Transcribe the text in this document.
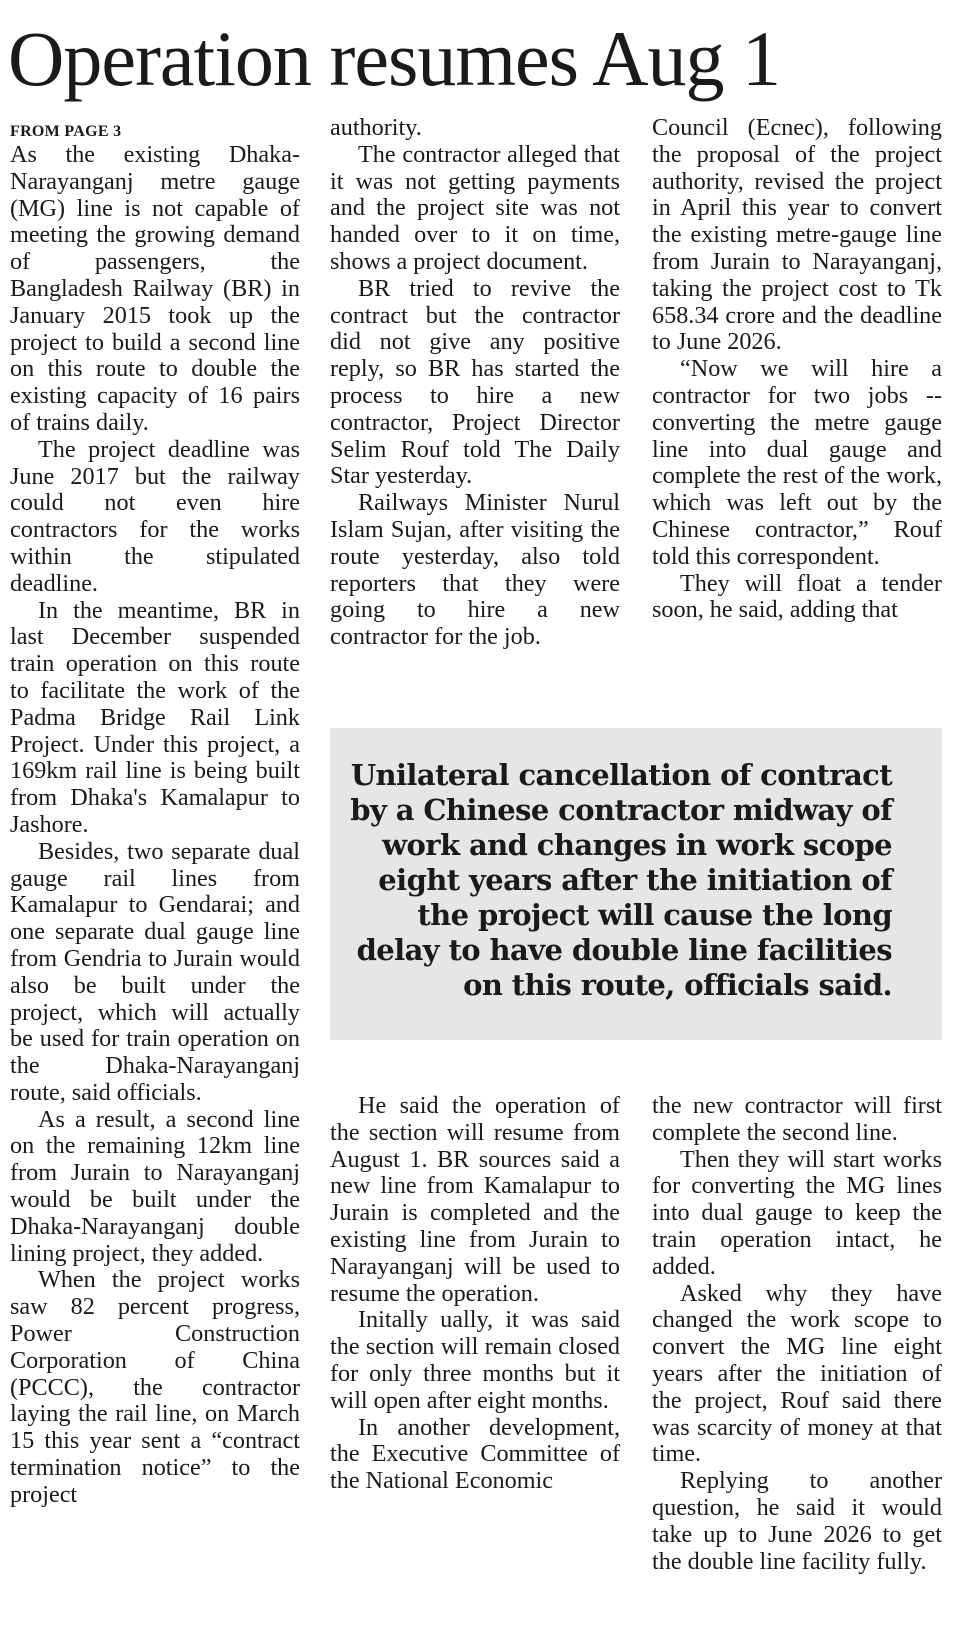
Operation resumes Aug 1
FROM PAGE 3

As the existing Dhaka-Narayanganj metre gauge (MG) line is not capable of meeting the growing demand of passengers, the Bangladesh Railway (BR) in January 2015 took up the project to build a second line on this route to double the existing capacity of 16 pairs of trains daily.

The project deadline was June 2017 but the railway could not even hire contractors for the works within the stipulated deadline.

In the meantime, BR in last December suspended train operation on this route to facilitate the work of the Padma Bridge Rail Link Project. Under this project, a 169km rail line is being built from Dhaka's Kamalapur to Jashore.

Besides, two separate dual gauge rail lines from Kamalapur to Gendarai; and one separate dual gauge line from Gendria to Jurain would also be built under the project, which will actually be used for train operation on the Dhaka-Narayanganj route, said officials.

As a result, a second line on the remaining 12km line from Jurain to Narayanganj would be built under the Dhaka-Narayanganj double lining project, they added.

When the project works saw 82 percent progress, Power Construction Corporation of China (PCCC), the contractor laying the rail line, on March 15 this year sent a “contract termination notice” to the project

authority.

The contractor alleged that it was not getting payments and the project site was not handed over to it on time, shows a project document.

BR tried to revive the contract but the contractor did not give any positive reply, so BR has started the process to hire a new contractor, Project Director Selim Rouf told The Daily Star yesterday.

Railways Minister Nurul Islam Sujan, after visiting the route yesterday, also told reporters that they were going to hire a new contractor for the job.

Council (Ecnec), following the proposal of the project authority, revised the project in April this year to convert the existing metre-gauge line from Jurain to Narayanganj, taking the project cost to Tk 658.34 crore and the deadline to June 2026.

“Now we will hire a contractor for two jobs -- converting the metre gauge line into dual gauge and complete the rest of the work, which was left out by the Chinese contractor,” Rouf told this correspondent.

They will float a tender soon, he said, adding that

Unilateral cancellation of contract by a Chinese contractor midway of work and changes in work scope eight years after the initiation of the project will cause the long delay to have double line facilities on this route, officials said.

He said the operation of the section will resume from August 1. BR sources said a new line from Kamalapur to Jurain is completed and the existing line from Jurain to Narayanganj will be used to resume the operation.

Initally ually, it was said the section will remain closed for only three months but it will open after eight months.

In another development, the Executive Committee of the National Economic

the new contractor will first complete the second line.

Then they will start works for converting the MG lines into dual gauge to keep the train operation intact, he added.

Asked why they have changed the work scope to convert the MG line eight years after the initiation of the project, Rouf said there was scarcity of money at that time.

Replying to another question, he said it would take up to June 2026 to get the double line facility fully.
